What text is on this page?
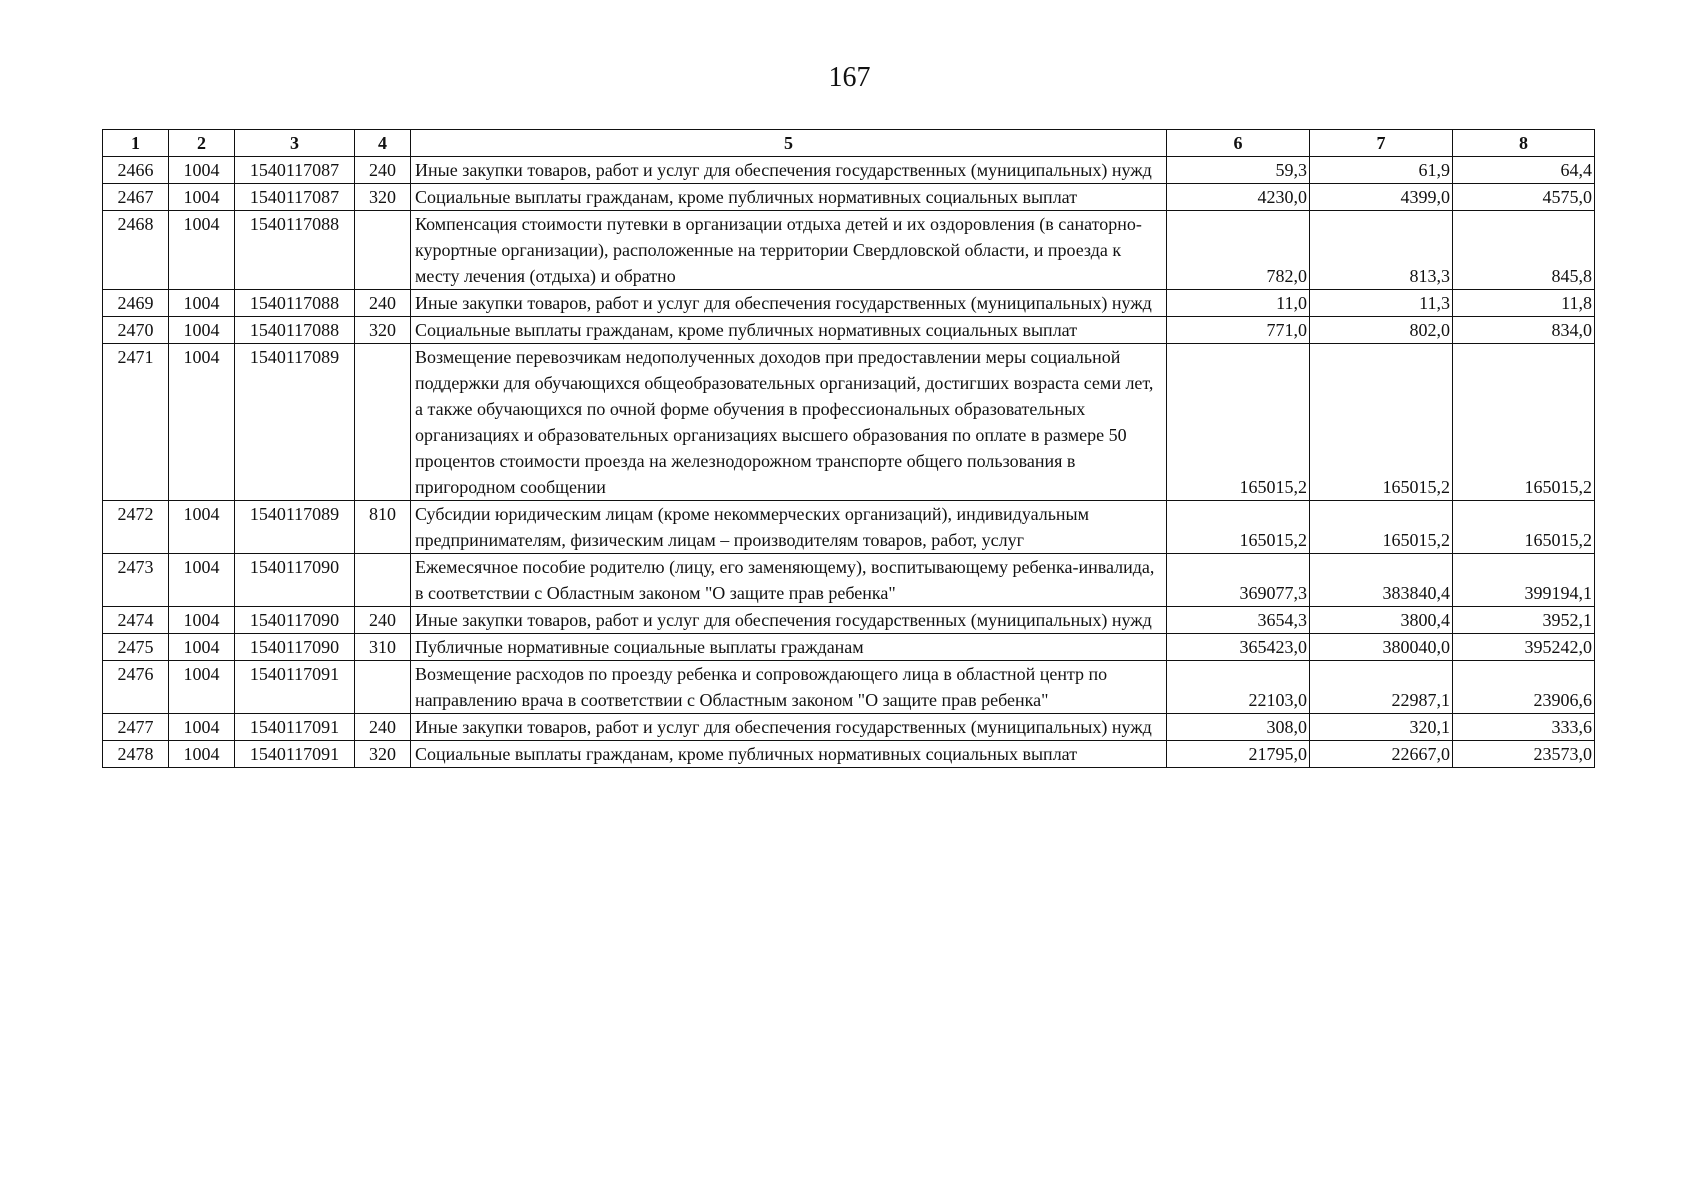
167
1	2	3	4	5	6	7	8
2466	1004	1540117087	240	Иные закупки товаров, работ и услуг для обеспечения государственных (муниципальных) нужд	59,3	61,9	64,4
2467	1004	1540117087	320	Социальные выплаты гражданам, кроме публичных нормативных социальных выплат	4230,0	4399,0	4575,0
2468	1004	1540117088		Компенсация стоимости путевки в организации отдыха детей и их оздоровления (в санаторно-курортные организации), расположенные на территории Свердловской области, и проезда к месту лечения (отдыха) и обратно	782,0	813,3	845,8
2469	1004	1540117088	240	Иные закупки товаров, работ и услуг для обеспечения государственных (муниципальных) нужд	11,0	11,3	11,8
2470	1004	1540117088	320	Социальные выплаты гражданам, кроме публичных нормативных социальных выплат	771,0	802,0	834,0
2471	1004	1540117089		Возмещение перевозчикам недополученных доходов при предоставлении меры социальной поддержки для обучающихся общеобразовательных организаций, достигших возраста семи лет, а также обучающихся по очной форме обучения в профессиональных образовательных организациях и образовательных организациях высшего образования по оплате в размере 50 процентов стоимости проезда на железнодорожном транспорте общего пользования в пригородном сообщении	165015,2	165015,2	165015,2
2472	1004	1540117089	810	Субсидии юридическим лицам (кроме некоммерческих организаций), индивидуальным предпринимателям, физическим лицам – производителям товаров, работ, услуг	165015,2	165015,2	165015,2
2473	1004	1540117090		Ежемесячное пособие родителю (лицу, его заменяющему), воспитывающему ребенка-инвалида, в соответствии с Областным законом "О защите прав ребенка"	369077,3	383840,4	399194,1
2474	1004	1540117090	240	Иные закупки товаров, работ и услуг для обеспечения государственных (муниципальных) нужд	3654,3	3800,4	3952,1
2475	1004	1540117090	310	Публичные нормативные социальные выплаты гражданам	365423,0	380040,0	395242,0
2476	1004	1540117091		Возмещение расходов по проезду ребенка и сопровождающего лица в областной центр по направлению врача в соответствии с Областным законом "О защите прав ребенка"	22103,0	22987,1	23906,6
2477	1004	1540117091	240	Иные закупки товаров, работ и услуг для обеспечения государственных (муниципальных) нужд	308,0	320,1	333,6
2478	1004	1540117091	320	Социальные выплаты гражданам, кроме публичных нормативных социальных выплат	21795,0	22667,0	23573,0
